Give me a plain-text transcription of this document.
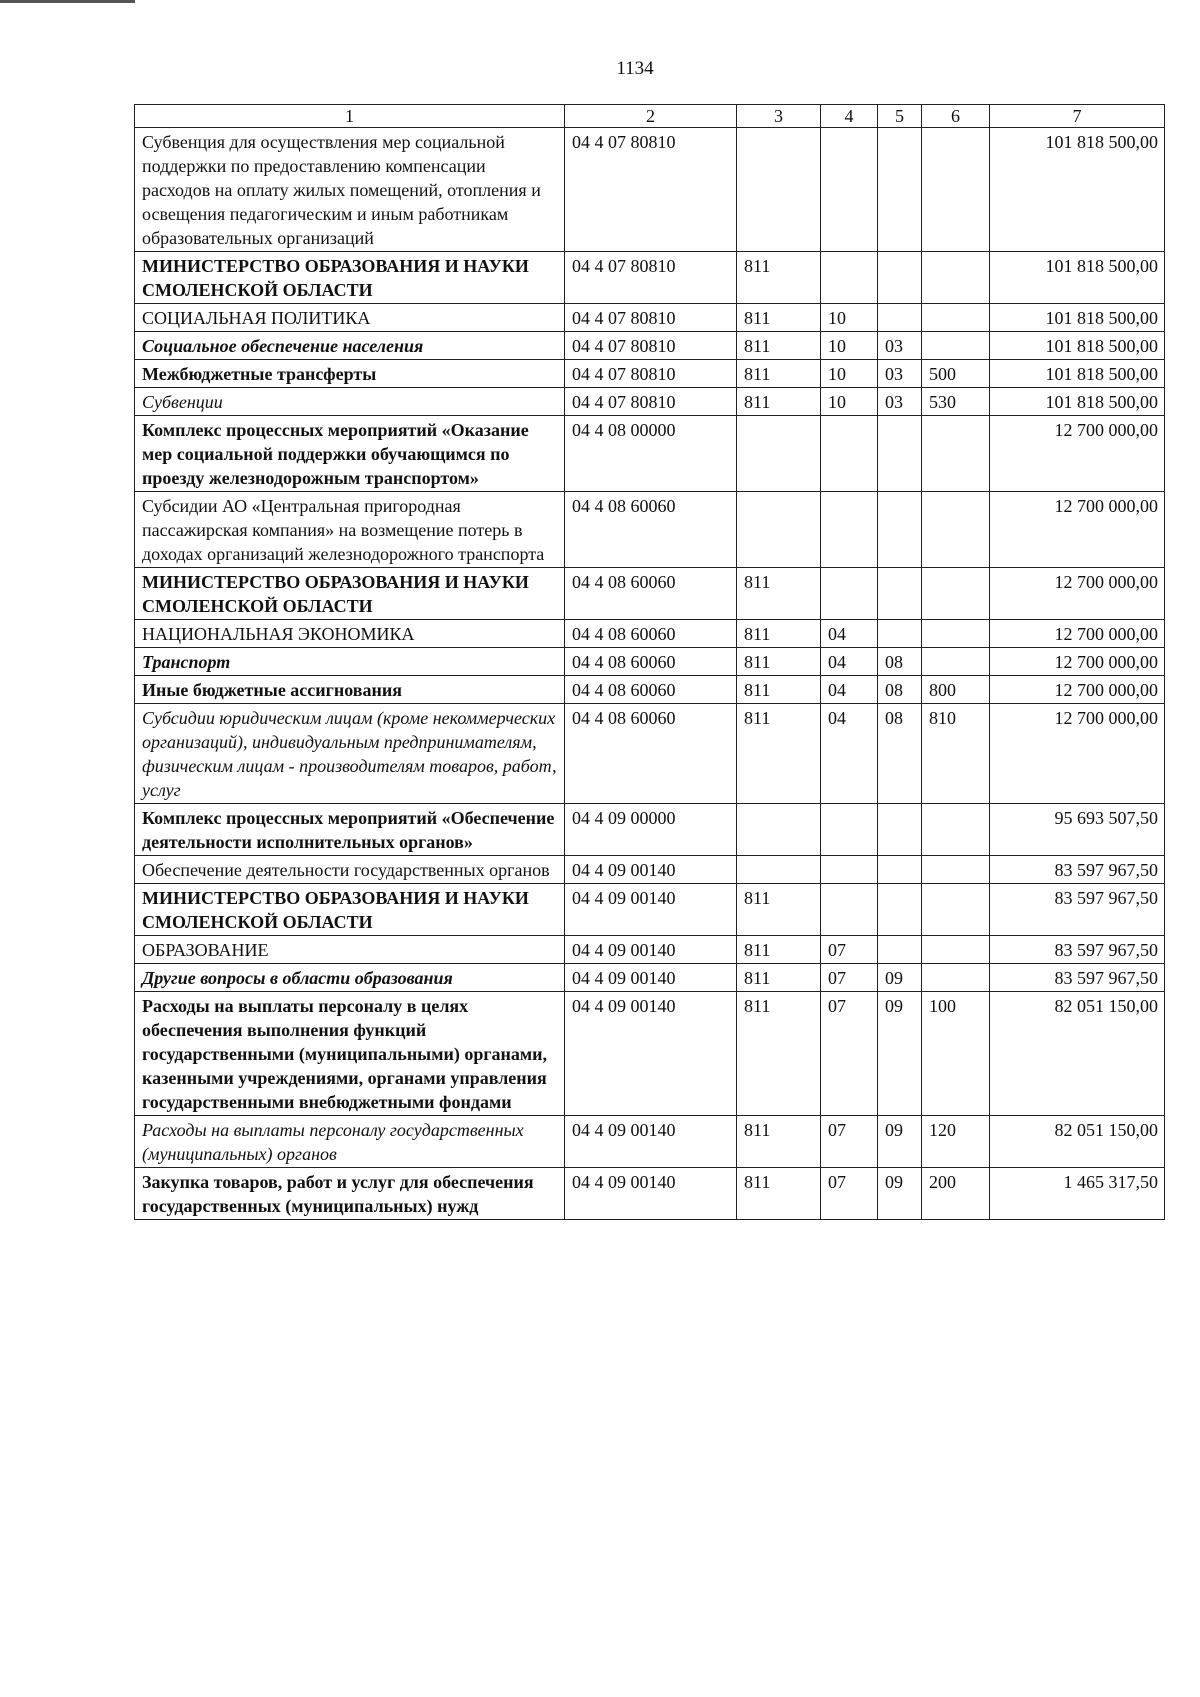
1134
1	2	3	4	5	6	7
Субвенция для осуществления мер социальной поддержки по предоставлению компенсации расходов на оплату жилых помещений, отопления и освещения педагогическим и иным работникам образовательных организаций	04 4 07 80810					101 818 500,00
МИНИСТЕРСТВО ОБРАЗОВАНИЯ И НАУКИ СМОЛЕНСКОЙ ОБЛАСТИ	04 4 07 80810	811				101 818 500,00
СОЦИАЛЬНАЯ ПОЛИТИКА	04 4 07 80810	811	10			101 818 500,00
Социальное обеспечение населения	04 4 07 80810	811	10	03		101 818 500,00
Межбюджетные трансферты	04 4 07 80810	811	10	03	500	101 818 500,00
Субвенции	04 4 07 80810	811	10	03	530	101 818 500,00
Комплекс процессных мероприятий «Оказание мер социальной поддержки обучающимся по проезду железнодорожным транспортом»	04 4 08 00000					12 700 000,00
Субсидии АО «Центральная пригородная пассажирская компания» на возмещение потерь в доходах организаций железнодорожного транспорта	04 4 08 60060					12 700 000,00
МИНИСТЕРСТВО ОБРАЗОВАНИЯ И НАУКИ СМОЛЕНСКОЙ ОБЛАСТИ	04 4 08 60060	811				12 700 000,00
НАЦИОНАЛЬНАЯ ЭКОНОМИКА	04 4 08 60060	811	04			12 700 000,00
Транспорт	04 4 08 60060	811	04	08		12 700 000,00
Иные бюджетные ассигнования	04 4 08 60060	811	04	08	800	12 700 000,00
Субсидии юридическим лицам (кроме некоммерческих организаций), индивидуальным предпринимателям, физическим лицам - производителям товаров, работ, услуг	04 4 08 60060	811	04	08	810	12 700 000,00
Комплекс процессных мероприятий «Обеспечение деятельности исполнительных органов»	04 4 09 00000					95 693 507,50
Обеспечение деятельности государственных органов	04 4 09 00140					83 597 967,50
МИНИСТЕРСТВО ОБРАЗОВАНИЯ И НАУКИ СМОЛЕНСКОЙ ОБЛАСТИ	04 4 09 00140	811				83 597 967,50
ОБРАЗОВАНИЕ	04 4 09 00140	811	07			83 597 967,50
Другие вопросы в области образования	04 4 09 00140	811	07	09		83 597 967,50
Расходы на выплаты персоналу в целях обеспечения выполнения функций государственными (муниципальными) органами, казенными учреждениями, органами управления государственными внебюджетными фондами	04 4 09 00140	811	07	09	100	82 051 150,00
Расходы на выплаты персоналу государственных (муниципальных) органов	04 4 09 00140	811	07	09	120	82 051 150,00
Закупка товаров, работ и услуг для обеспечения государственных (муниципальных) нужд	04 4 09 00140	811	07	09	200	1 465 317,50
